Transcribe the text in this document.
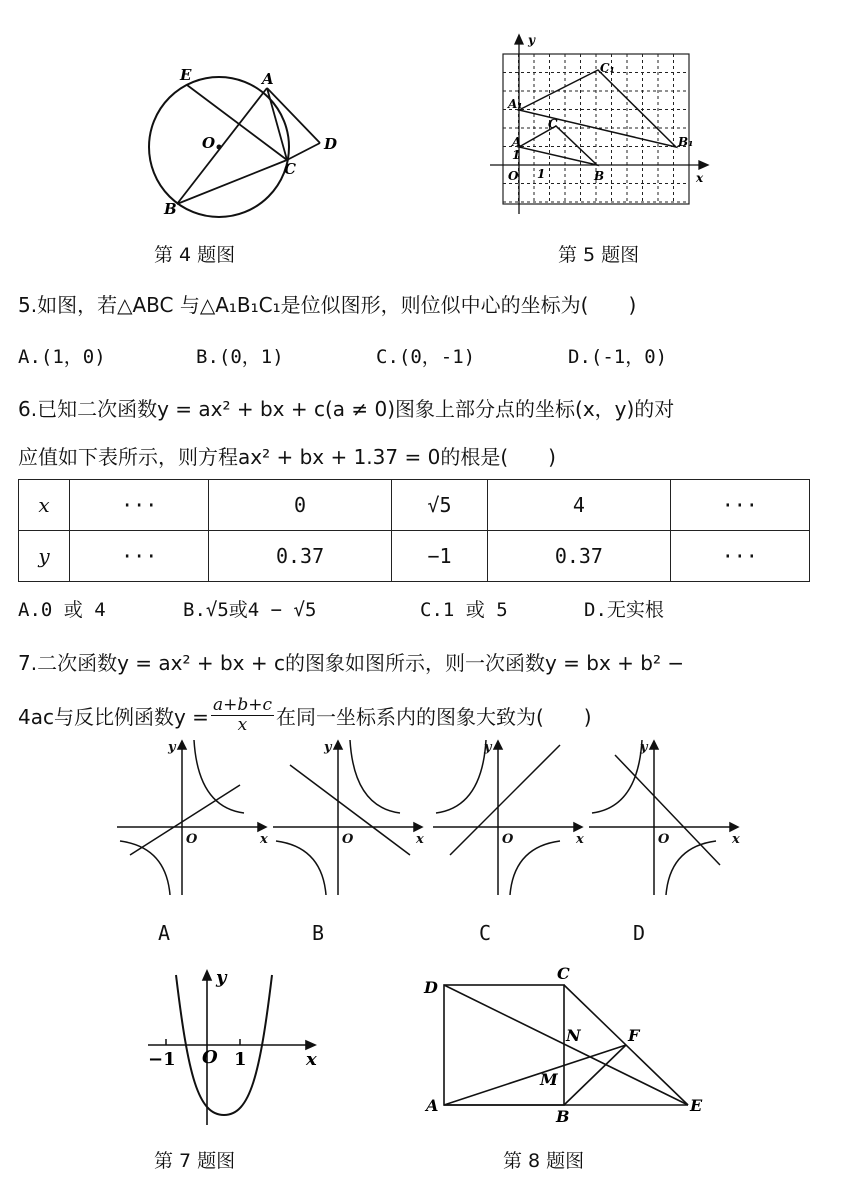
E	A
O	D
C
B
第 4 题图
y
C₁
A₁
C
A	B₁
1
O 1	B	x
第 5 题图
5.如图，若△ABC 与△A₁B₁C₁是位似图形，则位似中心的坐标为(　　)
A.(1，0)	B.(0，1)	C.(0，-1)	D.(-1，0)
6.已知二次函数y = ax² + bx + c(a ≠ 0)图象上部分点的坐标(x，y)的对
应值如下表所示，则方程ax² + bx + 1.37 = 0的根是(　　)
x	···	0	√5	4	···
y	···	0.37	−1	0.37	···
A.0 或 4	B.√5或4 − √5	C.1 或 5	D.无实根
7.二次函数y = ax² + bx + c的图象如图所示，则一次函数y = bx + b² −
4ac与反比例函数$y = \frac{a+b+c}{x}$ 在同一坐标系内的图象大致为(　　)
y
x
O
y
x
O
y
x
O
y
x
O
A	B	C	D
y
x
−1 O 1
第 7 题图
D
C
N	F
M
A
B
E
第 8 题图
